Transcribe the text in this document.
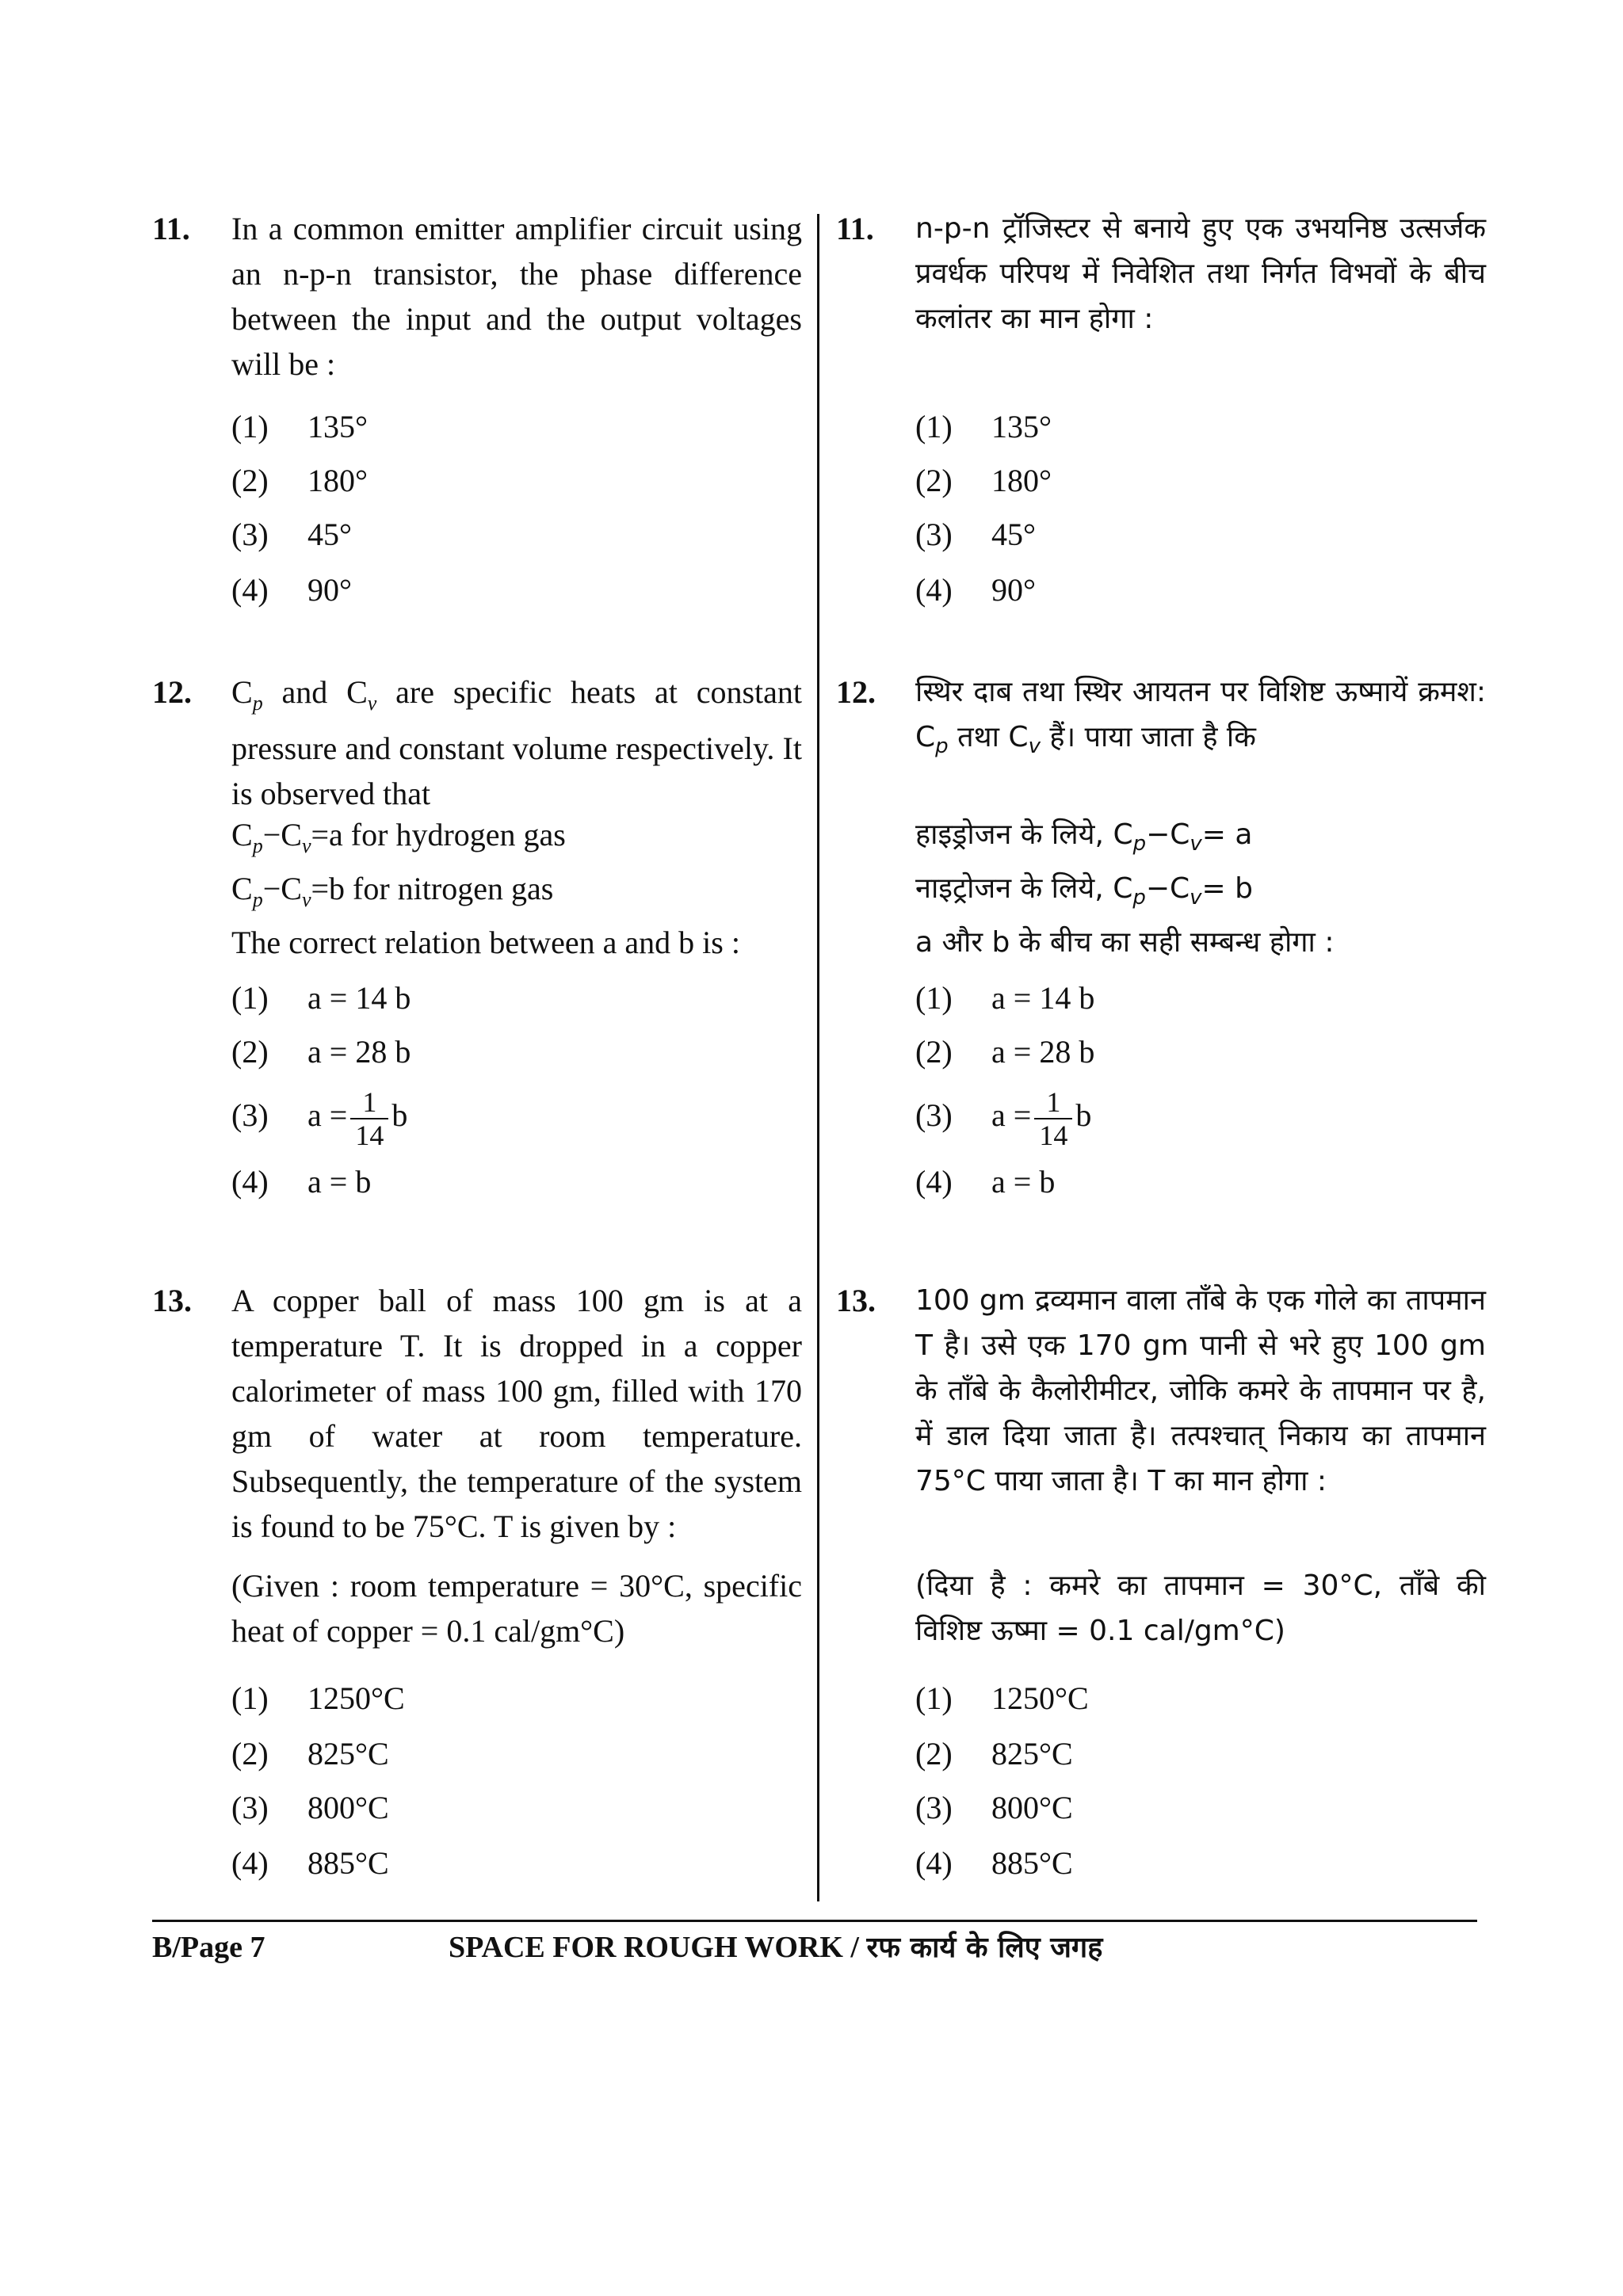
11. In a common emitter amplifier circuit using an n-p-n transistor, the phase difference between the input and the output voltages will be :

(1) 135°
(2) 180°
(3) 45°
(4) 90°
12. $C_p$ and $C_v$ are specific heats at constant pressure and constant volume respectively. It is observed that

$C_p-C_v=a$ for hydrogen gas
$C_p-C_v=b$ for nitrogen gas
The correct relation between a and b is :
(1) a = 14 b
(2) a = 28 b
(3) $a = \frac{1}{14}$ b
(4) a = b
13. A copper ball of mass 100 gm is at a temperature T. It is dropped in a copper calorimeter of mass 100 gm, filled with 170 gm of water at room temperature. Subsequently, the temperature of the system is found to be 75°C. T is given by :

(Given : room temperature = 30°C, specific heat of copper = 0.1 cal/gm°C)
(1) 1250°C
(2) 825°C
(3) 800°C
(4) 885°C
11. n-p-n ट्रॉजिस्टर से बनाये हुए एक उभयनिष्ठ उत्सर्जक प्रवर्धक परिपथ में निवेशित तथा निर्गत विभवों के बीच कलांतर का मान होगा :
(1) 135°
(2) 180°
(3) 45°
(4) 90°
12. स्थिर दाब तथा स्थिर आयतन पर विशिष्ट ऊष्मायें क्रमश: $C_p$ तथा $C_v$ हैं। पाया जाता है कि
हाइड्रोजन के लिये, $C_p-C_v= a$
नाइट्रोजन के लिये, $C_p-C_v= b$
a और b के बीच का सही सम्बन्ध होगा :
(1) a = 14 b
(2) a = 28 b
(3) $a = \frac{1}{14}$ b
(4) a = b
13. 100 gm द्रव्यमान वाला ताँबे के एक गोले का तापमान T है। उसे एक 170 gm पानी से भरे हुए 100 gm के ताँबे के कैलोरीमीटर, जोकि कमरे के तापमान पर है, में डाल दिया जाता है। तत्पश्चात् निकाय का तापमान 75°C पाया जाता है। T का मान होगा :
(दिया है : कमरे का तापमान = 30°C, ताँबे की विशिष्ट ऊष्मा = 0.1 cal/gm°C)
(1) 1250°C
(2) 825°C
(3) 800°C
(4) 885°C
B/Page 7	SPACE FOR ROUGH WORK / रफ कार्य के लिए जगह
